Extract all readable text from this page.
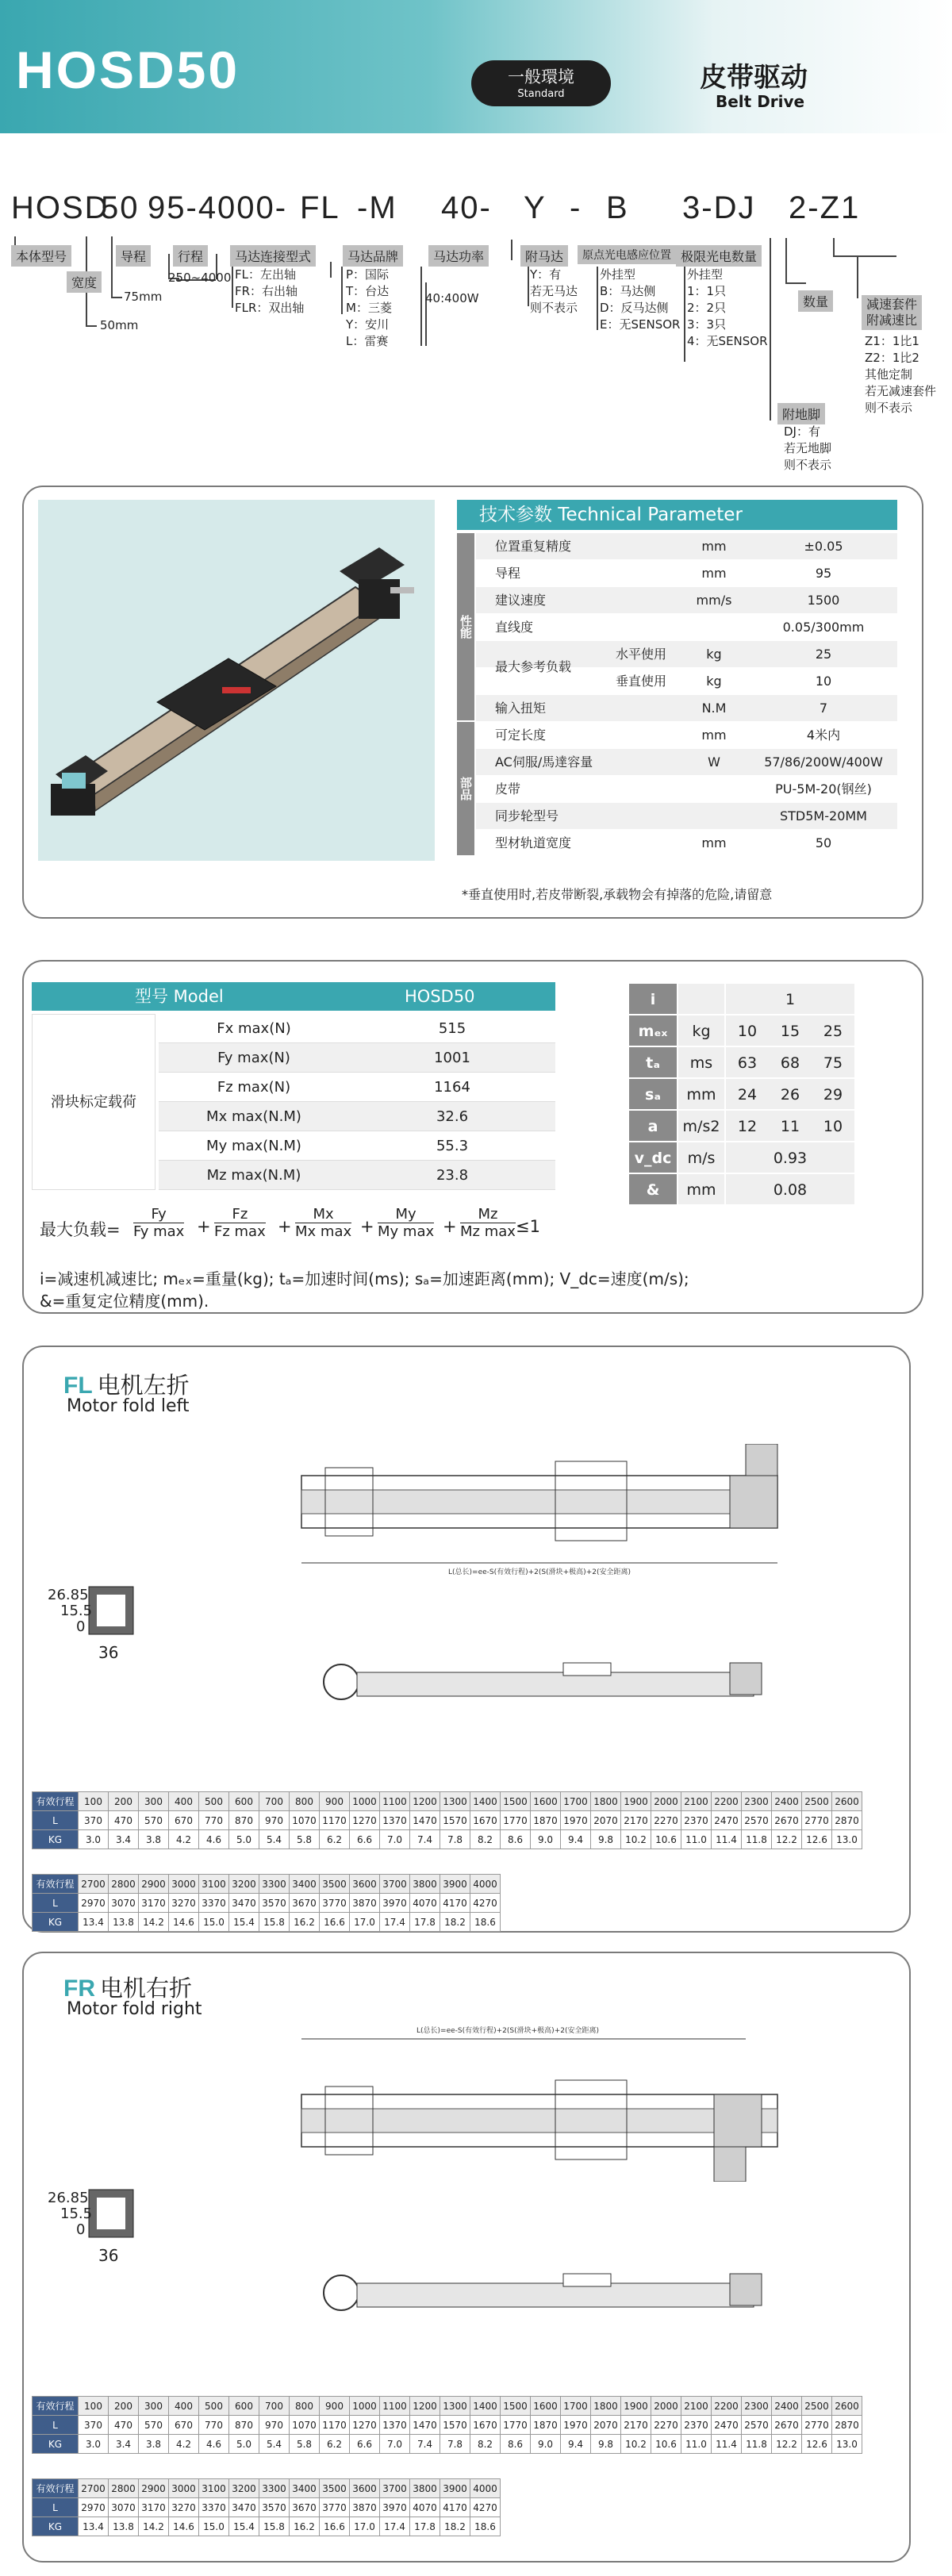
HOSD50	一般環境
Standard
皮带驱动
Belt Drive
HOSD
50 95-4000- FL -M 40- Y - B 3-DJ 2-Z1
本体型号
宽度
50mm
导程
75mm
行程
250~4000
马达连接型式
FL：左出轴
FR：右出轴
FLR：双出轴
马达品牌
P：国际
T：台达
M：三菱
Y：安川
L：雷赛
马达功率
40:400W
附马达
Y：有
若无马达
则不表示
原点光电感应位置
外挂型
B：马达侧
D：反马达侧
E：无SENSOR
极限光电数量
外挂型
1：1只
2：2只
3：3只
4：无SENSOR
数量	减速套件
附减速比
Z1：1比1
Z2：1比2
其他定制
若无减速套件
则不表示
附地脚
DJ：有
若无地脚
则不表示
技术参数 Technical Parameter
性能
部品
位置重复精度	mm	±0.05
导程	mm	95
建议速度	mm/s	1500
直线度	0.05/300mm
最大参考负载
水平使用	kg	25
垂直使用	kg	10
输入扭矩	N.M	7
可定长度	mm	4米内
AC伺服/馬達容量	W	57/86/200W/400W
皮带	PU-5M-20(钢丝)
同步轮型号	STD5M-20MM
型材轨道宽度	mm	50
*垂直使用时,若皮带断裂,承载物会有掉落的危险,请留意
型号 Model	HOSD50
滑块标定载荷
Fx max(N)	515
Fy max(N)	1001
Fz max(N)	1164
Mx max(N.M)	32.6
My max(N.M)	55.3
Mz max(N.M)	23.8
i	1
mₑₓ	kg	10	15	25
tₐ	ms	63	68	75
sₐ	mm	24	26	29
a	m/s2	12	11	10
v_dc	m/s	0.93
&	mm	0.08
最大负载=
Fy
Fy max +
Fz
Fz max +
Mx
Mx max +
My
My max +
Mz
Mz max ≤1
i=减速机减速比; mₑₓ=重量(kg); tₐ=加速时间(ms); sₐ=加速距离(mm); V_dc=速度(m/s);
&=重复定位精度(mm).
FL 电机左折
Motor fold left
L(总长)=ee-S(有效行程)+2(S(滑块+极高)+2(安全距离)
26.85
15.5
0
36
有效行程	100	200	300	400	500	600	700	800	900	1000	1100	1200	1300	1400	1500	1600	1700	1800	1900	2000	2100	2200	2300	2400	2500	2600
L	370	470	570	670	770	870	970	1070	1170	1270	1370	1470	1570	1670	1770	1870	1970	2070	2170	2270	2370	2470	2570	2670	2770	2870
KG	3.0	3.4	3.8	4.2	4.6	5.0	5.4	5.8	6.2	6.6	7.0	7.4	7.8	8.2	8.6	9.0	9.4	9.8	10.2	10.6	11.0	11.4	11.8	12.2	12.6	13.0
有效行程	2700	2800	2900	3000	3100	3200	3300	3400	3500	3600	3700	3800	3900	4000
L	2970	3070	3170	3270	3370	3470	3570	3670	3770	3870	3970	4070	4170	4270
KG	13.4	13.8	14.2	14.6	15.0	15.4	15.8	16.2	16.6	17.0	17.4	17.8	18.2	18.6
FR 电机右折
Motor fold right
L(总长)=ee-S(有效行程)+2(S(滑块+极高)+2(安全距离)
26.85
15.5
0
36
有效行程	100	200	300	400	500	600	700	800	900	1000	1100	1200	1300	1400	1500	1600	1700	1800	1900	2000	2100	2200	2300	2400	2500	2600
L	370	470	570	670	770	870	970	1070	1170	1270	1370	1470	1570	1670	1770	1870	1970	2070	2170	2270	2370	2470	2570	2670	2770	2870
KG	3.0	3.4	3.8	4.2	4.6	5.0	5.4	5.8	6.2	6.6	7.0	7.4	7.8	8.2	8.6	9.0	9.4	9.8	10.2	10.6	11.0	11.4	11.8	12.2	12.6	13.0
有效行程	2700	2800	2900	3000	3100	3200	3300	3400	3500	3600	3700	3800	3900	4000
L	2970	3070	3170	3270	3370	3470	3570	3670	3770	3870	3970	4070	4170	4270
KG	13.4	13.8	14.2	14.6	15.0	15.4	15.8	16.2	16.6	17.0	17.4	17.8	18.2	18.6
